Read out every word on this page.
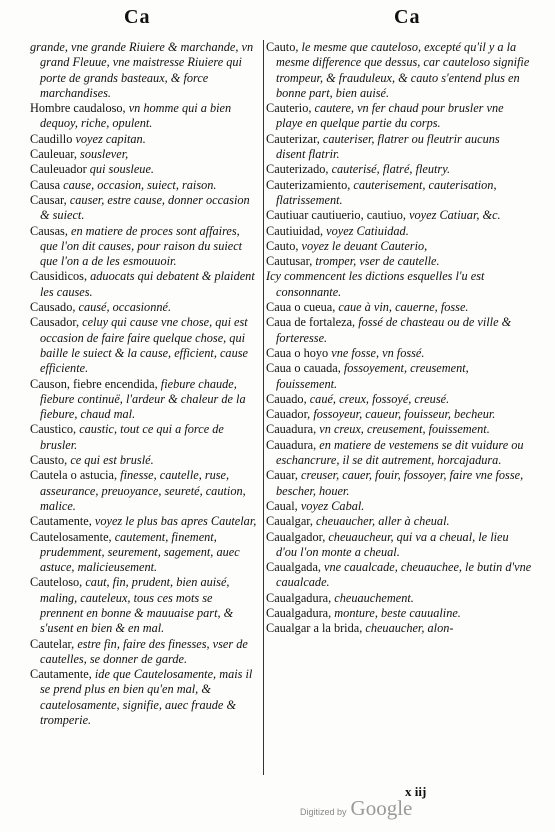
Ca	Ca

grande, vne grande Riuiere & marchande, vn grand Fleuue, vne maistresse Riuiere qui porte de grands basteaux, & force marchandises.

Hombre caudaloso, vn homme qui a bien dequoy, riche, opulent.

Caudillo voyez capitan.

Cauleuar, souslever,

Cauleuador qui sousleue.

Causa cause, occasion, suiect, raison.

Causar, causer, estre cause, donner occasion & suiect.

Causas, en matiere de proces sont affaires, que l'on dit causes, pour raison du suiect que l'on a de les esmouuoir.

Causidicos, aduocats qui debatent & plaident les causes.

Causado, causé, occasionné.

Causador, celuy qui cause vne chose, qui est occasion de faire faire quelque chose, qui baille le suiect & la cause, efficient, cause efficiente.

Causon, fiebre encendida, fiebure chaude, fiebure continuë, l'ardeur & chaleur de la fiebure, chaud mal.

Caustico, caustic, tout ce qui a force de brusler.

Causto, ce qui est bruslé.

Cautela o astucia, finesse, cautelle, ruse, asseurance, preuoyance, seureté, caution, malice.

Cautamente, voyez le plus bas apres Cautelar,

Cautelosamente, cautement, finement, prudemment, seurement, sagement, auec astuce, malicieusement.

Cauteloso, caut, fin, prudent, bien auisé, maling, cauteleux, tous ces mots se prennent en bonne & mauuaise part, & s'usent en bien & en mal.

Cautelar, estre fin, faire des finesses, vser de cautelles, se donner de garde.

Cautamente, ide que Cautelosamente, mais il se prend plus en bien qu'en mal, & cautelosamente, signifie, auec fraude & tromperie.

Cauto, le mesme que cauteloso, excepté qu'il y a la mesme difference que dessus, car cauteloso signifie trompeur, & frauduleux, & cauto s'entend plus en bonne part, bien auisé.

Cauterio, cautere, vn fer chaud pour brusler vne playe en quelque partie du corps.

Cauterizar, cauteriser, flatrer ou fleutrir aucuns disent flatrir.

Cauterizado, cauterisé, flatré, fleutry.

Cauterizamiento, cauterisement, cauterisation, flatrissement.

Cautiuar cautiuerio, cautiuo, voyez Catiuar, &c.

Cautiuidad, voyez Catiuidad.

Cauto, voyez le deuant Cauterio,

Cautusar, tromper, vser de cautelle.

Icy commencent les dictions esquelles l'u est consonnante.

Caua o cueua, caue à vin, cauerne, fosse.

Caua de fortaleza, fossé de chasteau ou de ville & forteresse.

Caua o hoyo vne fosse, vn fossé.

Caua o cauada, fossoyement, creusement, fouissement.

Cauado, caué, creux, fossoyé, creusé.

Cauador, fossoyeur, caueur, fouisseur, becheur.

Cauadura, vn creux, creusement, fouissement.

Cauadura, en matiere de vestemens se dit vuidure ou eschancrure, il se dit autrement, horcajadura.

Cauar, creuser, cauer, fouir, fossoyer, faire vne fosse, bescher, houer.

Caual, voyez Cabal.

Caualgar, cheuaucher, aller à cheual.

Caualgador, cheuaucheur, qui va a cheual, le lieu d'ou l'on monte a cheual.

Caualgada, vne caualcade, cheuauchee, le butin d'vne caualcade.

Caualgadura, cheuauchement.

Caualgadura, monture, beste cauualine.

Caualgar a la brida, cheuaucher, alon-

x iij
Digitized by Google
